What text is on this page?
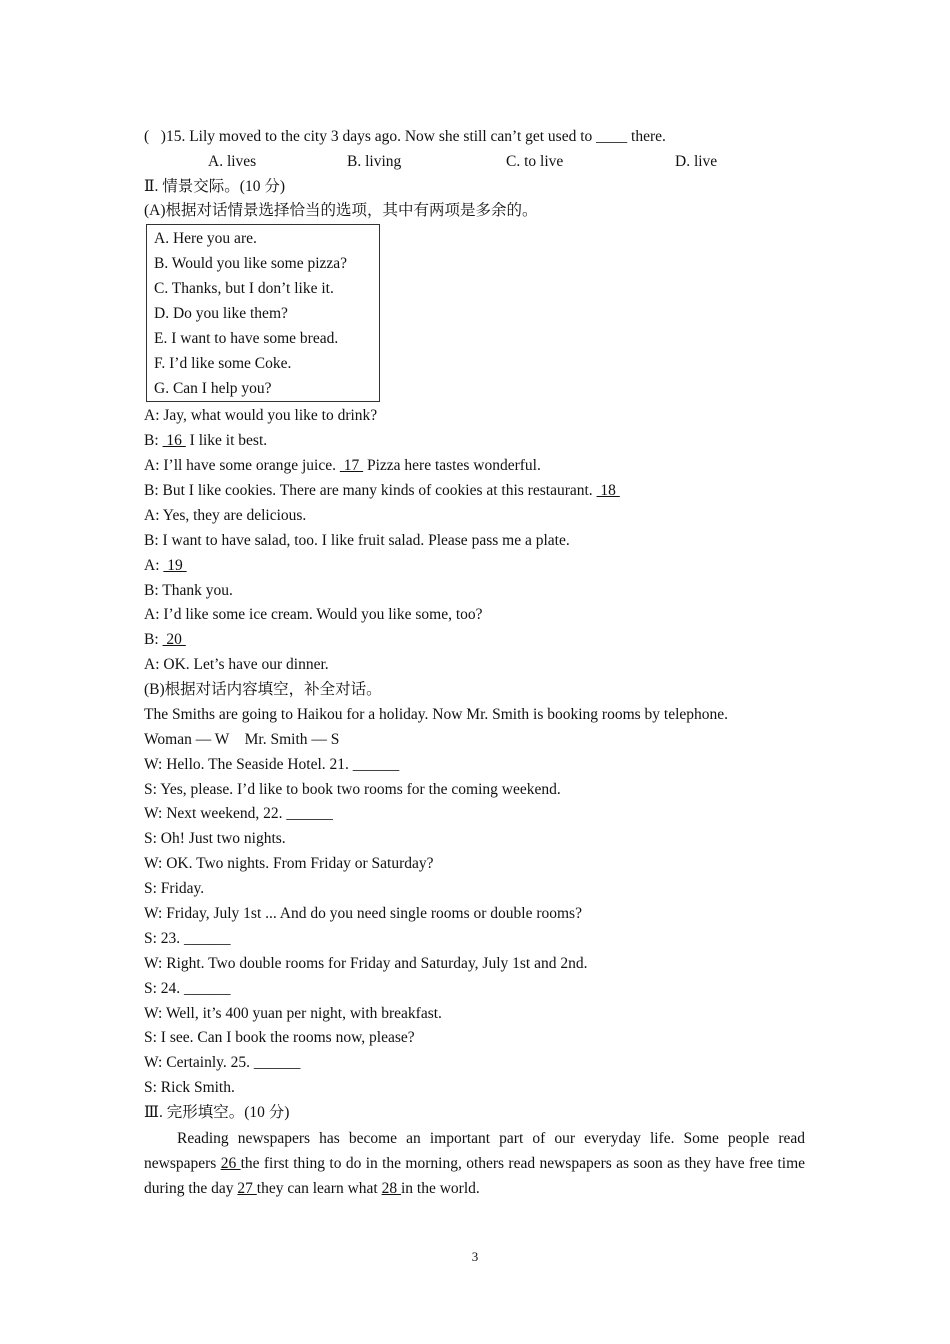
(   )15. Lily moved to the city 3 days ago. Now she still can’t get used to ____ there.
A. lives	B. living	C. to live	D. live
Ⅱ. 情景交际。(10 分)
(A)根据对话情景选择恰当的选项，其中有两项是多余的。
A. Here you are.
B. Would you like some pizza?
C. Thanks, but I don’t like it.
D. Do you like them?
E. I want to have some bread.
F. I’d like some Coke.
G. Can I help you?
A: Jay, what would you like to drink?
B:  16  I like it best.
A: I’ll have some orange juice.  17  Pizza here tastes wonderful.
B: But I like cookies. There are many kinds of cookies at this restaurant.  18
A: Yes, they are delicious.
B: I want to have salad, too. I like fruit salad. Please pass me a plate.
A:  19
B: Thank you.
A: I’d like some ice cream. Would you like some, too?
B:  20
A: OK. Let’s have our dinner.
(B)根据对话内容填空，补全对话。
The Smiths are going to Haikou for a holiday. Now Mr. Smith is booking rooms by telephone.
Woman — W    Mr. Smith — S
W: Hello. The Seaside Hotel. 21. ______
S: Yes, please. I’d like to book two rooms for the coming weekend.
W: Next weekend, 22. ______
S: Oh! Just two nights.
W: OK. Two nights. From Friday or Saturday?
S: Friday.
W: Friday, July 1st ... And do you need single rooms or double rooms?
S: 23. ______
W: Right. Two double rooms for Friday and Saturday, July 1st and 2nd.
S: 24. ______
W: Well, it’s 400 yuan per night, with breakfast.
S: I see. Can I book the rooms now, please?
W: Certainly. 25. ______
S: Rick Smith.
Ⅲ. 完形填空。(10 分)
Reading newspapers has become an important part of our everyday life. Some people read newspapers 26 the first thing to do in the morning, others read newspapers as soon as they have free time during the day 27 they can learn what 28 in the world.
3
